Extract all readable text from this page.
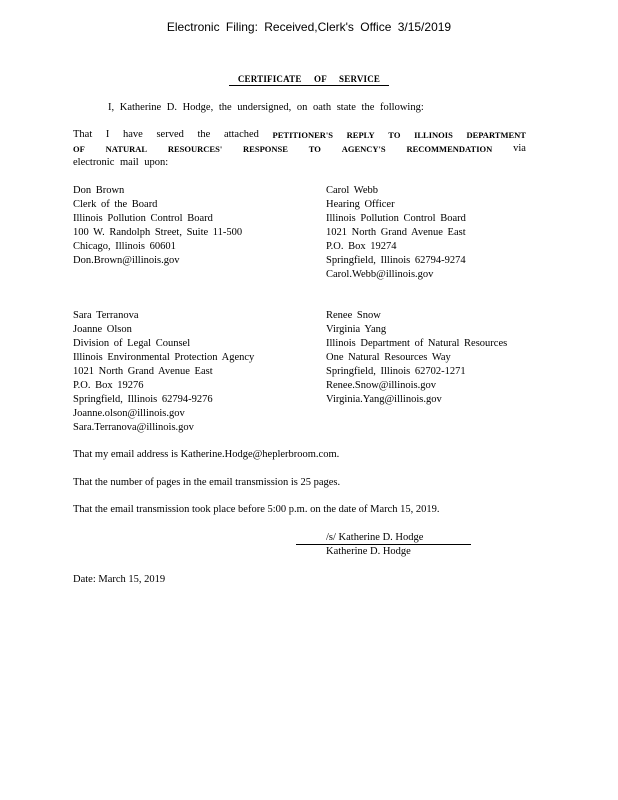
Electronic Filing: Received,Clerk's Office 3/15/2019
CERTIFICATE OF SERVICE
I, Katherine D. Hodge, the undersigned, on oath state the following:
That I have served the attached PETITIONER'S REPLY TO ILLINOIS DEPARTMENT
OF NATURAL RESOURCES' RESPONSE TO AGENCY'S RECOMMENDATION via
electronic mail upon:
Don Brown
Clerk of the Board
Illinois Pollution Control Board
100 W. Randolph Street, Suite 11-500
Chicago, Illinois 60601
Don.Brown@illinois.gov
Carol Webb
Hearing Officer
Illinois Pollution Control Board
1021 North Grand Avenue East
P.O. Box 19274
Springfield, Illinois 62794-9274
Carol.Webb@illinois.gov
Sara Terranova
Joanne Olson
Division of Legal Counsel
Illinois Environmental Protection Agency
1021 North Grand Avenue East
P.O. Box 19276
Springfield, Illinois 62794-9276
Joanne.olson@illinois.gov
Sara.Terranova@illinois.gov
Renee Snow
Virginia Yang
Illinois Department of Natural Resources
One Natural Resources Way
Springfield, Illinois 62702-1271
Renee.Snow@illinois.gov
Virginia.Yang@illinois.gov
That my email address is Katherine.Hodge@heplerbroom.com.
That the number of pages in the email transmission is 25 pages.
That the email transmission took place before 5:00 p.m. on the date of March 15, 2019.
/s/ Katherine D. Hodge
Katherine D. Hodge
Date: March 15, 2019
